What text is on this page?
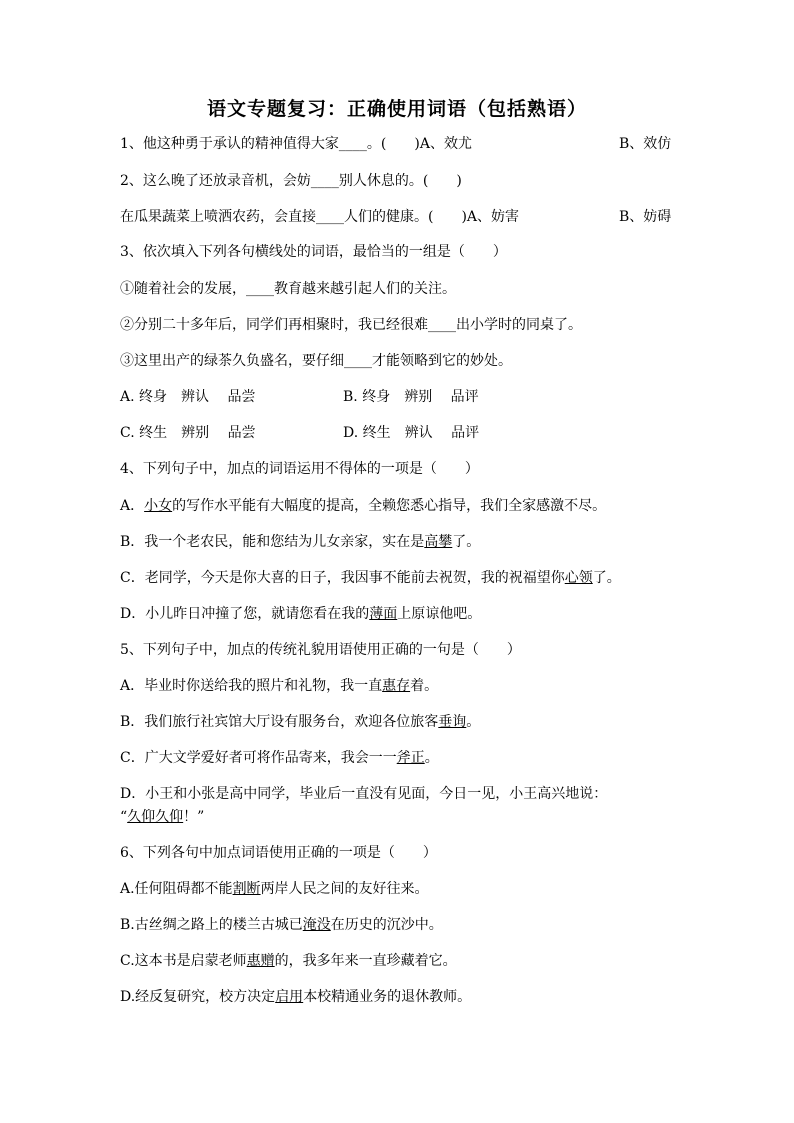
语文专题复习：正确使用词语（包括熟语）
1、他这种勇于承认的精神值得大家____。(　　)A、效尤	B、效仿
2、这么晚了还放录音机，会妨____别人休息的。(　　)
在瓜果蔬菜上喷洒农药，会直接____人们的健康。(　　)A、妨害	B、妨碍
3、依次填入下列各句横线处的词语，最恰当的一组是（　　）
①随着社会的发展，____教育越来越引起人们的关注。
②分别二十多年后，同学们再相聚时，我已经很难____出小学时的同桌了。
③这里出产的绿茶久负盛名，要仔细____才能领略到它的妙处。
A. 终身　辨认　 品尝	B. 终身　辨别　 品评
C. 终生　辨别　 品尝	D. 终生　辨认　 品评
4、下列句子中，加点的词语运用不得体的一项是（　　）
A．小女的写作水平能有大幅度的提高，全赖您悉心指导，我们全家感激不尽。
B．我一个老农民，能和您结为儿女亲家，实在是高攀了。
C．老同学，今天是你大喜的日子，我因事不能前去祝贺，我的祝福望你心领了。
D．小儿昨日冲撞了您，就请您看在我的薄面上原谅他吧。
5、下列句子中，加点的传统礼貌用语使用正确的一句是（　　）
A．毕业时你送给我的照片和礼物，我一直惠存着。
B．我们旅行社宾馆大厅设有服务台，欢迎各位旅客垂询。
C．广大文学爱好者可将作品寄来，我会一一斧正。
D．小王和小张是高中同学，毕业后一直没有见面，今日一见，小王高兴地说：
“久仰久仰！”
6、下列各句中加点词语使用正确的一项是（　　）
A.任何阻碍都不能割断两岸人民之间的友好往来。
B.古丝绸之路上的楼兰古城已淹没在历史的沉沙中。
C.这本书是启蒙老师惠赠的，我多年来一直珍藏着它。
D.经反复研究，校方决定启用本校精通业务的退休教师。
